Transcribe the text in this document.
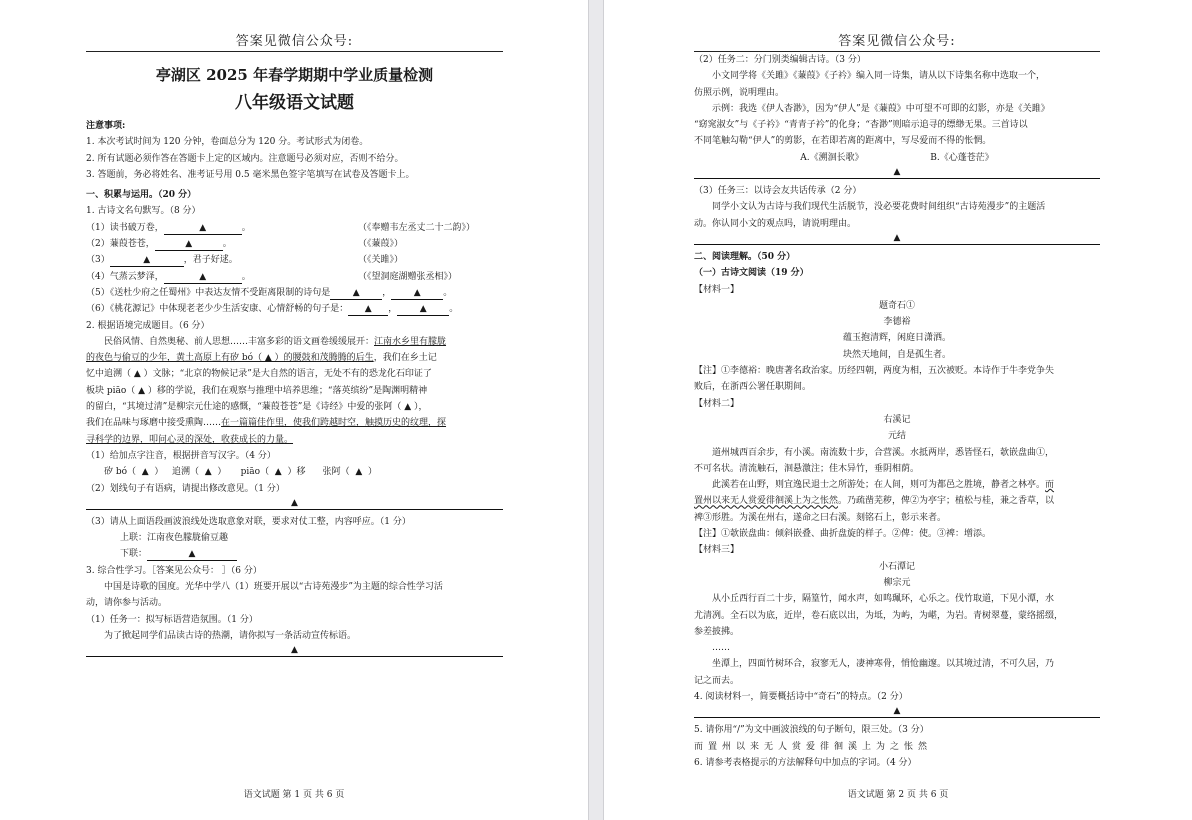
答案见微信公众号:
亭湖区 2025 年春学期期中学业质量检测
八年级语文试题
注意事项:
1. 本次考试时间为 120 分钟，卷面总分为 120 分。考试形式为闭卷。
2. 所有试题必须作答在答题卡上定的区域内。注意题号必须对应，否则不给分。
3. 答题前，务必将姓名、准考证号用 0.5 毫米黑色签字笔填写在试卷及答题卡上。
一、积累与运用。（20 分）
1. 古诗文名句默写。（8 分）
（1）读书破万卷，	▲	。	（《奉赠韦左丞丈二十二韵》）
（2）蒹葭苍苍，	▲	。	（《蒹葭》）
（3）	▲	，君子好逑。	（《关雎》）
（4）气蒸云梦泽，	▲	。	（《望洞庭湖赠张丞相》）
（5）《送杜少府之任蜀州》中表达友情不受距离限制的诗句是	▲	，	▲	。
（6）《桃花源记》中体现老老少少生活安康、心情舒畅的句子是： ▲ ，	▲	。
2. 根据语境完成题目。（6 分）
民俗风情、自然奥秘、前人思想……丰富多彩的语文画卷缓缓展开：江南水乡里有朦胧
的夜色与偷豆的少年，黄土高原上有矽 bó（ ▲ ）的腰鼓和茂腾腾的后生，我们在乡土记
忆中追溯（ ▲ ）文脉；“北京的物候记录”是大自然的语言，无处不有的恐龙化石印证了
板块 piāo（ ▲ ）移的学说，我们在观察与推理中培养思维；“落英缤纷”是陶渊明精神
的留白，“其境过清”是柳宗元仕途的感慨，“蒹葭苍苍”是《诗经》中爱的张阿（ ▲ ），
我们在品味与琢磨中接受熏陶……在一篇篇佳作里，使我们跨越时空，触摸历史的纹理，探
寻科学的边界，叩问心灵的深处，收获成长的力量。
（1）给加点字注音，根据拼音写汉字。（4 分）
矽 bó（  ▲  ）   追溯（  ▲  ）     piāo（  ▲  ）移      张阿（  ▲  ）
（2）划线句子有语病，请提出修改意见。（1 分）
▲
（3）请从上面语段画波浪线处选取意象对联，要求对仗工整，内容呼应。（1 分）
上联：江南夜色朦胧偷豆趣
下联：	▲
3. 综合性学习。［答案见公众号： ］（6 分）
中国是诗歌的国度。光华中学八（1）班要开展以“古诗苑漫步”为主题的综合性学习活
动，请你参与活动。
（1）任务一：拟写标语营造氛围。（1 分）
为了掀起同学们品读古诗的热潮，请你拟写一条活动宣传标语。
▲
语文试题 第 1 页 共 6 页
答案见微信公众号:
（2）任务二：分门别类编辑古诗。（3 分）
小文同学将《关雎》《蒹葭》《子衿》编入同一诗集，请从以下诗集名称中选取一个，
仿照示例，说明理由。
示例：我选《伊人杳渺》，因为“伊人”是《蒹葭》中可望不可即的幻影，亦是《关雎》
“窈窕淑女”与《子衿》“青青子衿”的化身；“杳渺”则暗示追寻的缥缈无果。三首诗以
不同笔触勾勒“伊人”的剪影，在若即若离的距离中，写尽爱而不得的怅惘。
A.《溯洄长歌》	B.《心蓬苍茫》
▲
（3）任务三：以诗会友共话传承（2 分）
同学小文认为古诗与我们现代生活脱节，没必要花费时间组织“古诗苑漫步”的主题活
动。你认同小文的观点吗，请说明理由。
▲
二、阅读理解。（50 分）
（一）古诗文阅读（19 分）
【材料一】
题奇石①
李德裕
蕴玉抱清辉，闲庭日潇洒。
块然天地间，自是孤生者。
【注】①李德裕：晚唐著名政治家。历经四朝，两度为相，五次被贬。本诗作于牛李党争失
败后，在浙西公署任职期间。
【材料二】
右溪记
元结
道州城西百余步，有小溪。南流数十步，合营溪。水抵两岸，悉皆怪石，欹嵌盘曲①，
不可名状。清流触石，洄悬激注；佳木异竹，垂阴相荫。
此溪若在山野，则宜逸民退士之所游处；在人间，则可为都邑之胜境，静者之林亭。而
置州以来无人赏爱徘徊溪上为之怅然。乃疏凿芜秽，俾②为亭宇；植松与桂，兼之香草，以
裨③形胜。为溪在州右，遂命之曰右溪。刻铭石上，彰示来者。
【注】①欹嵌盘曲：倾斜嵌叠、曲折盘旋的样子。②俾：使。③裨：增添。
【材料三】
小石潭记
柳宗元
从小丘西行百二十步，隔篁竹，闻水声，如鸣珮环，心乐之。伐竹取道，下见小潭，水
尤清冽。全石以为底，近岸，卷石底以出，为坻，为屿，为嵁，为岩。青树翠蔓，蒙络摇缀，
参差披拂。
……
坐潭上，四面竹树环合，寂寥无人，凄神寒骨，悄怆幽邃。以其境过清，不可久居，乃
记之而去。
4. 阅读材料一，简要概括诗中“奇石”的特点。（2 分）
▲
5. 请你用“/”为文中画波浪线的句子断句，限三处。（3 分）
而置州以来无人赏爱徘徊溪上为之怅然
6. 请参考表格提示的方法解释句中加点的字词。（4 分）
语文试题 第 2 页 共 6 页
